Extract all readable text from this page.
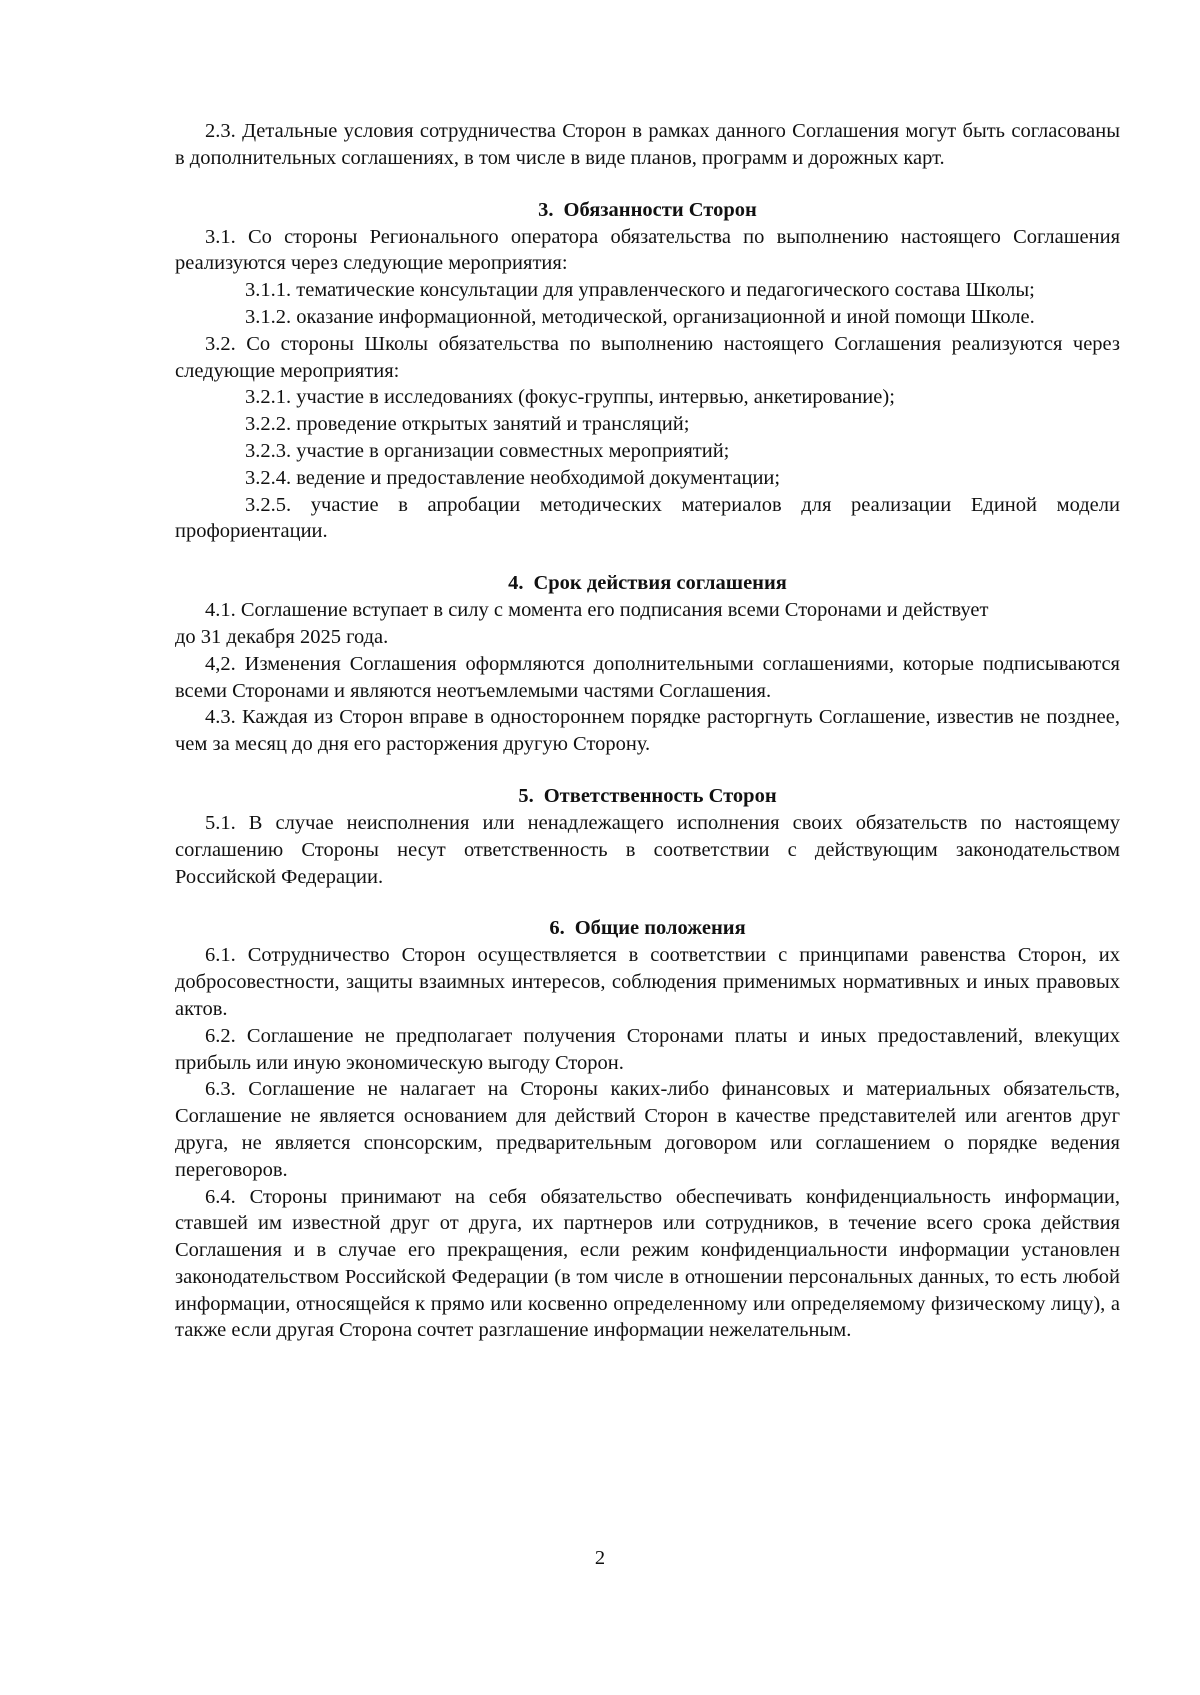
2.3. Детальные условия сотрудничества Сторон в рамках данного Соглашения могут быть согласованы в дополнительных соглашениях, в том числе в виде планов, программ и дорожных карт.

3. Обязанности Сторон

3.1. Со стороны Регионального оператора обязательства по выполнению настоящего Соглашения реализуются через следующие мероприятия:

3.1.1. тематические консультации для управленческого и педагогического состава Школы;

3.1.2. оказание информационной, методической, организационной и иной помощи Школе.

3.2. Со стороны Школы обязательства по выполнению настоящего Соглашения реализуются через следующие мероприятия:

3.2.1. участие в исследованиях (фокус-группы, интервью, анкетирование);

3.2.2. проведение открытых занятий и трансляций;

3.2.3. участие в организации совместных мероприятий;

3.2.4. ведение и предоставление необходимой документации;

3.2.5. участие в апробации методических материалов для реализации Единой модели профориентации.

4. Срок действия соглашения

4.1. Соглашение вступает в силу с момента его подписания всеми Сторонами и действует

до 31 декабря 2025 года.

4,2. Изменения Соглашения оформляются дополнительными соглашениями, которые подписываются всеми Сторонами и являются неотъемлемыми частями Соглашения.

4.3. Каждая из Сторон вправе в одностороннем порядке расторгнуть Соглашение, известив не позднее, чем за месяц до дня его расторжения другую Сторону.

5. Ответственность Сторон

5.1. В случае неисполнения или ненадлежащего исполнения своих обязательств по настоящему соглашению Стороны несут ответственность в соответствии с действующим законодательством Российской Федерации.

6. Общие положения

6.1. Сотрудничество Сторон осуществляется в соответствии с принципами равенства Сторон, их добросовестности, защиты взаимных интересов, соблюдения применимых нормативных и иных правовых актов.

6.2. Соглашение не предполагает получения Сторонами платы и иных предоставлений, влекущих прибыль или иную экономическую выгоду Сторон.

6.3. Соглашение не налагает на Стороны каких-либо финансовых и материальных обязательств, Соглашение не является основанием для действий Сторон в качестве представителей или агентов друг друга, не является спонсорским, предварительным договором или соглашением о порядке ведения переговоров.

6.4. Стороны принимают на себя обязательство обеспечивать конфиденциальность информации, ставшей им известной друг от друга, их партнеров или сотрудников, в течение всего срока действия Соглашения и в случае его прекращения, если режим конфиденциальности информации установлен законодательством Российской Федерации (в том числе в отношении персональных данных, то есть любой информации, относящейся к прямо или косвенно определенному или определяемому физическому лицу), а также если другая Сторона сочтет разглашение информации нежелательным.

2
